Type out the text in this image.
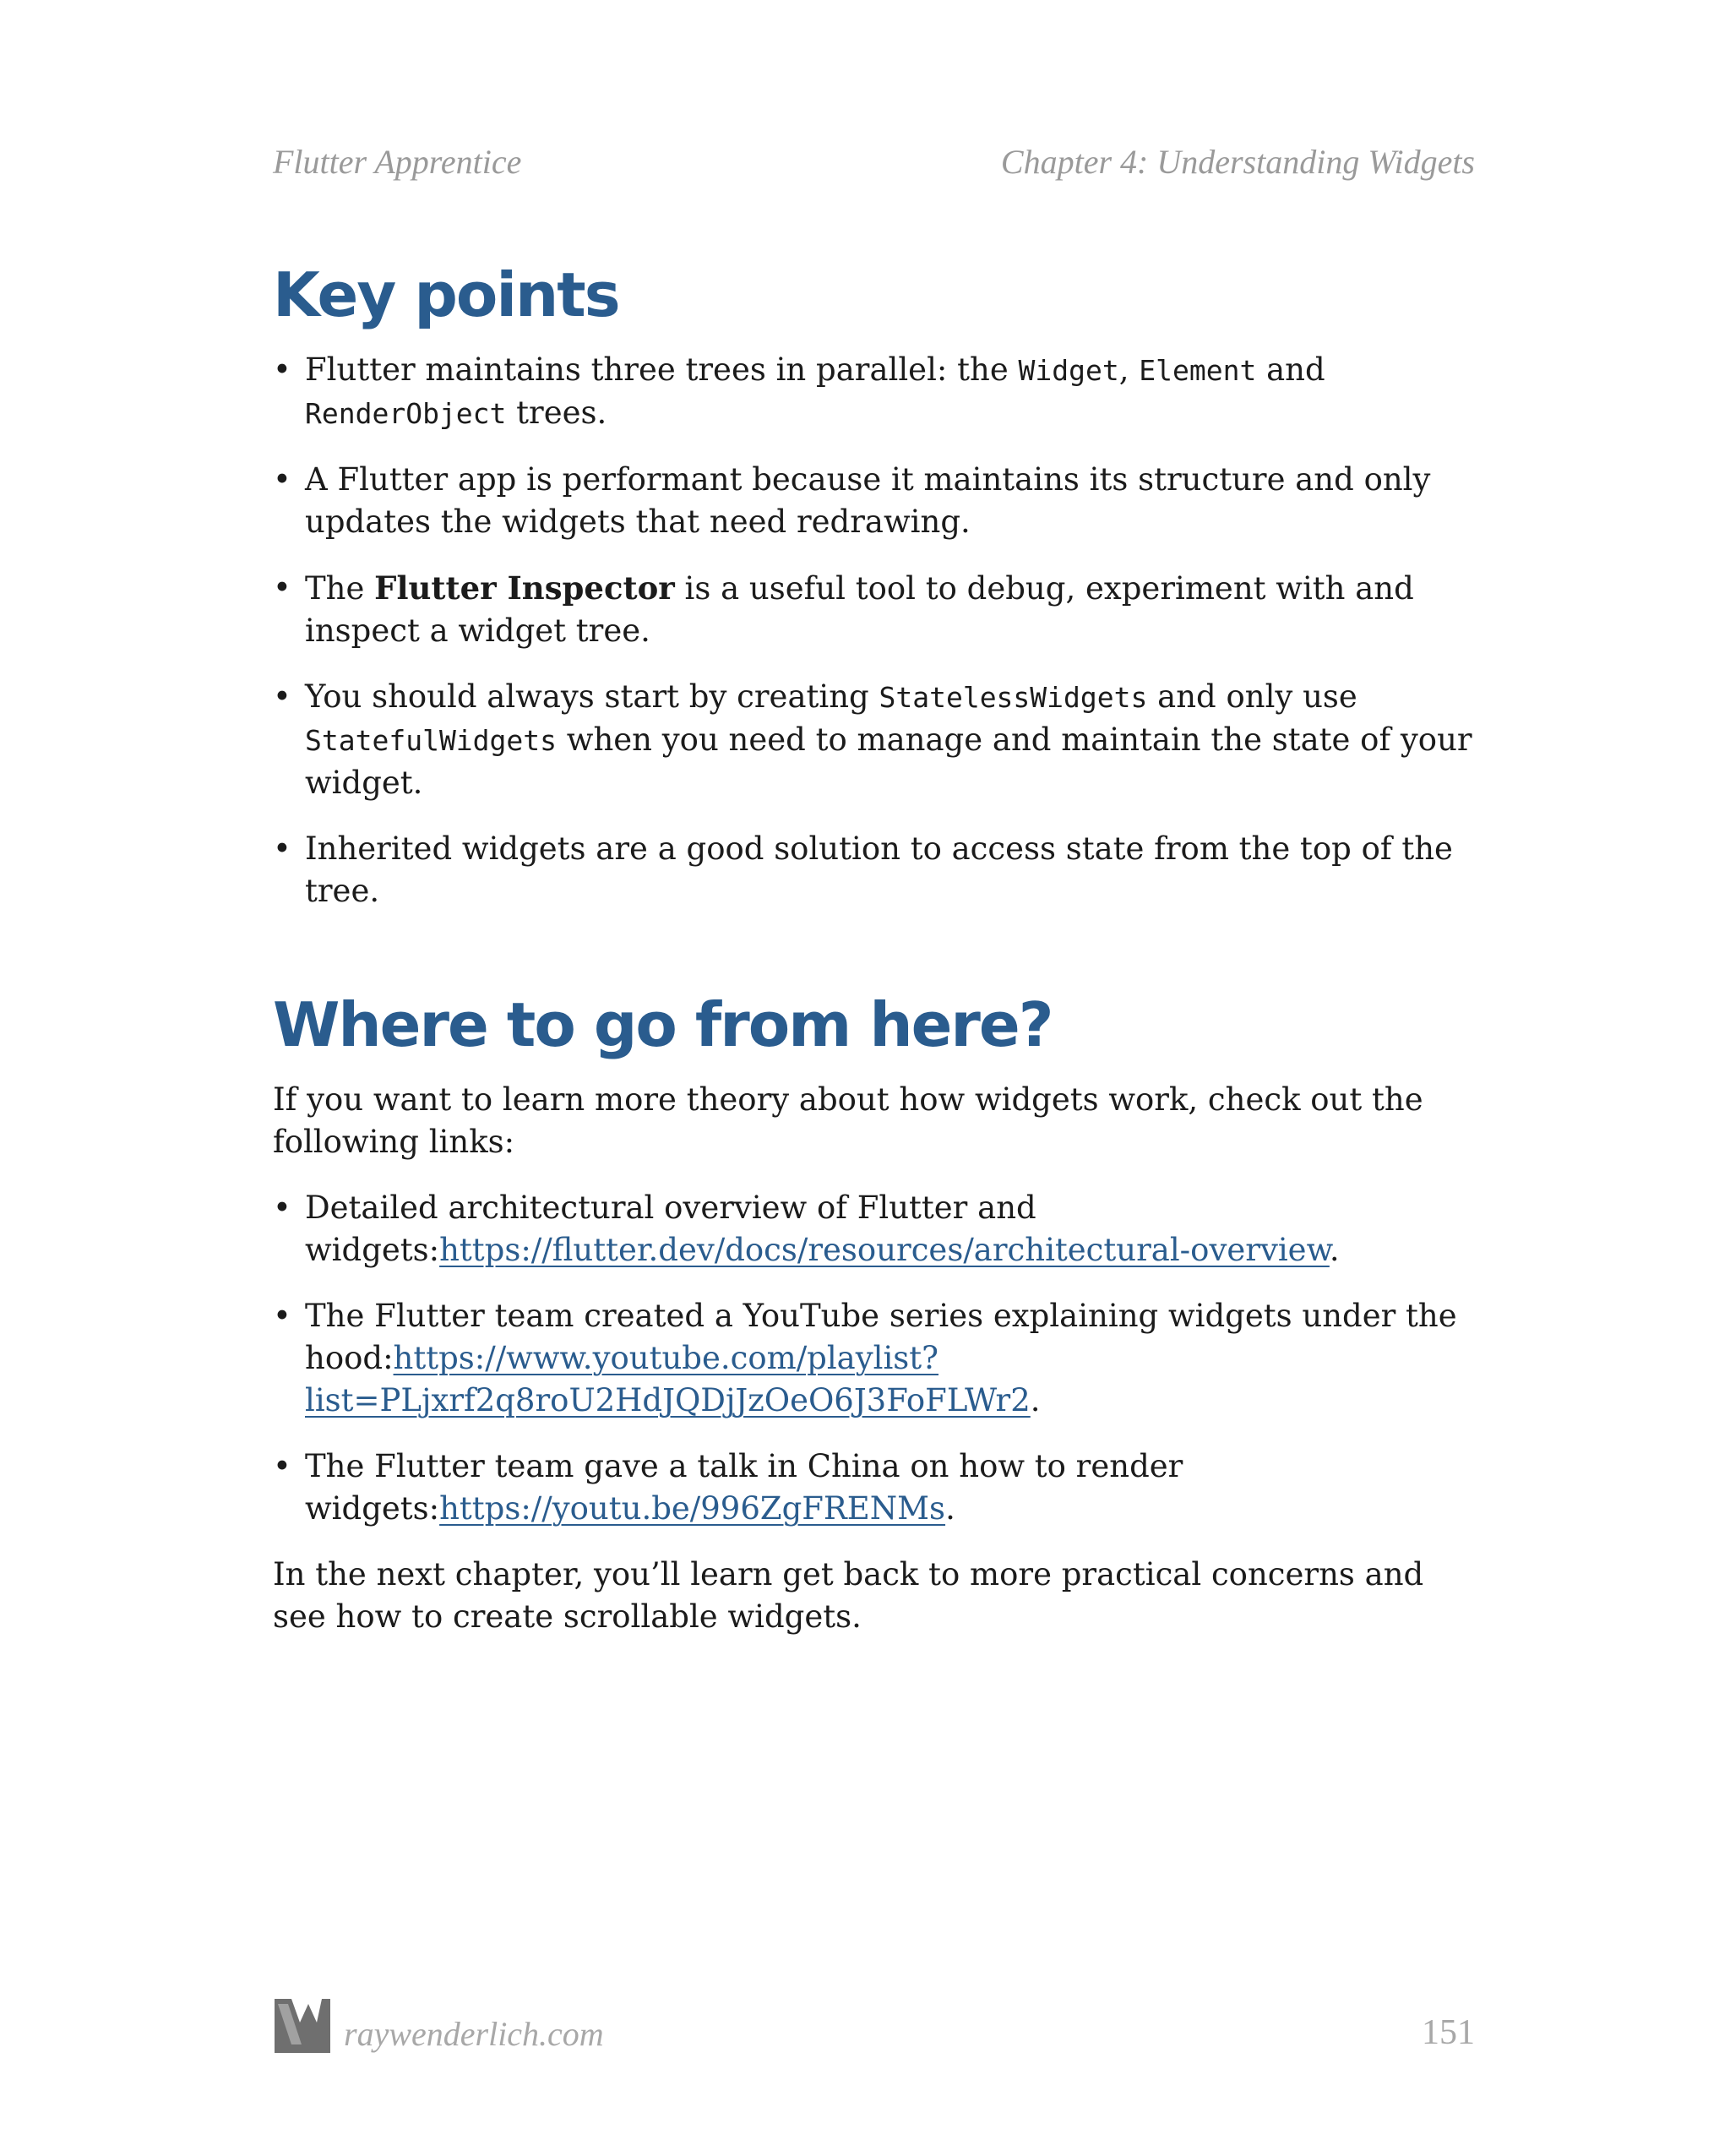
Flutter Apprentice	Chapter 4: Understanding Widgets
Key points
• Flutter maintains three trees in parallel: the Widget, Element and RenderObject trees.
• A Flutter app is performant because it maintains its structure and only updates the widgets that need redrawing.
• The Flutter Inspector is a useful tool to debug, experiment with and inspect a widget tree.
• You should always start by creating StatelessWidgets and only use StatefulWidgets when you need to manage and maintain the state of your widget.
• Inherited widgets are a good solution to access state from the top of the tree.
Where to go from here?

If you want to learn more theory about how widgets work, check out the following links:

• Detailed architectural overview of Flutter and widgets:https://flutter.dev/docs/resources/architectural-overview.
• The Flutter team created a YouTube series explaining widgets under the hood:https://www.youtube.com/playlist?list=PLjxrf2q8roU2HdJQDjJzOeO6J3FoFLWr2.
• The Flutter team gave a talk in China on how to render widgets:https://youtu.be/996ZgFRENMs.

In the next chapter, you’ll learn get back to more practical concerns and see how to create scrollable widgets.

raywenderlich.com	151
